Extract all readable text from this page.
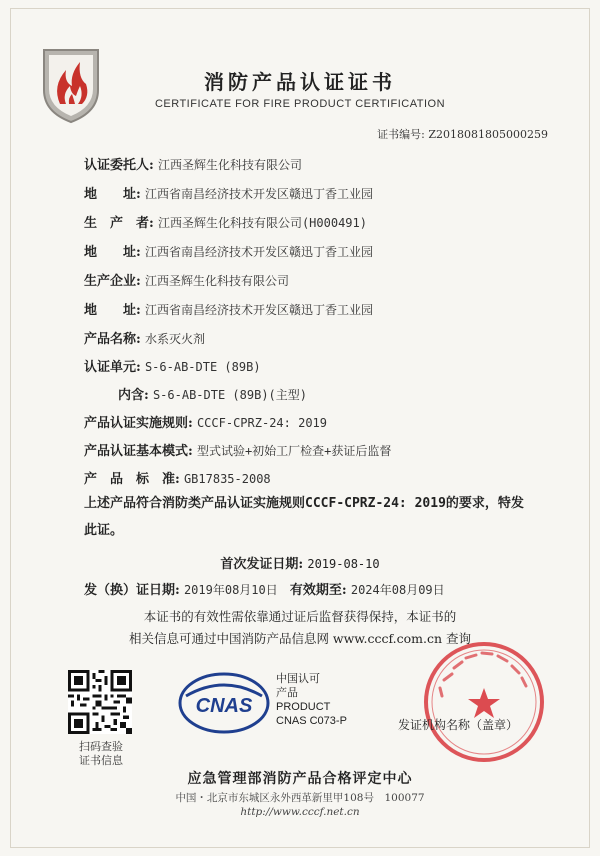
消防产品认证证书
CERTIFICATE FOR FIRE PRODUCT CERTIFICATION
证书编号: Z2018081805000259
认证委托人: 江西圣辉生化科技有限公司
地　　址: 江西省南昌经济技术开发区赣迅丁香工业园
生　产　者: 江西圣辉生化科技有限公司(H000491)
地　　址: 江西省南昌经济技术开发区赣迅丁香工业园
生产企业: 江西圣辉生化科技有限公司
地　　址: 江西省南昌经济技术开发区赣迅丁香工业园
产品名称: 水系灭火剂
认证单元: S-6-AB-DTE (89B)
内含: S-6-AB-DTE (89B)(主型)
产品认证实施规则: CCCF-CPRZ-24: 2019
产品认证基本模式: 型式试验+初始工厂检查+获证后监督
产　品　标　准: GB17835-2008
上述产品符合消防类产品认证实施规则CCCF-CPRZ-24: 2019的要求，特发此证。
首次发证日期: 2019-08-10
发（换）证日期: 2019年08月10日 有效期至: 2024年08月09日
本证书的有效性需依靠通过证后监督获得保持，本证书的
相关信息可通过中国消防产品信息网 www.cccf.com.cn 查询
扫码查验
证书信息
CNAS
中国认可
产品
PRODUCT
CNAS C073-P	发证机构名称（盖章）
应急管理部消防产品合格评定中心
中国・北京市东城区永外西革新里甲108号　100077
http://www.cccf.net.cn
